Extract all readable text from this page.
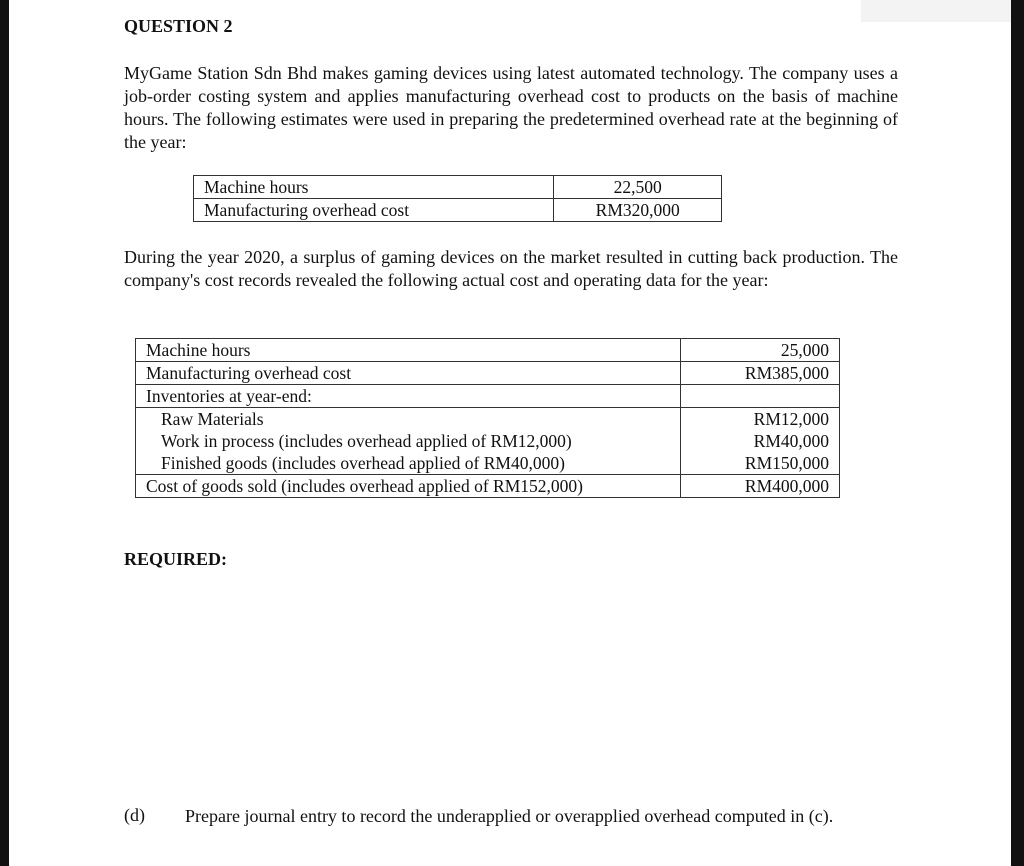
QUESTION 2
MyGame Station Sdn Bhd makes gaming devices using latest automated technology. The company uses a job-order costing system and applies manufacturing overhead cost to products on the basis of machine hours. The following estimates were used in preparing the predetermined overhead rate at the beginning of the year:
Machine hours	22,500
Manufacturing overhead cost	RM320,000
During the year 2020, a surplus of gaming devices on the market resulted in cutting back production. The company's cost records revealed the following actual cost and operating data for the year:
Machine hours	25,000
Manufacturing overhead cost	RM385,000
Inventories at year-end:	
Raw Materials	RM12,000
Work in process (includes overhead applied of RM12,000)	RM40,000
Finished goods (includes overhead applied of RM40,000)	RM150,000
Cost of goods sold (includes overhead applied of RM152,000)	RM400,000
REQUIRED:
(d) Prepare journal entry to record the underapplied or overapplied overhead computed in (c).
